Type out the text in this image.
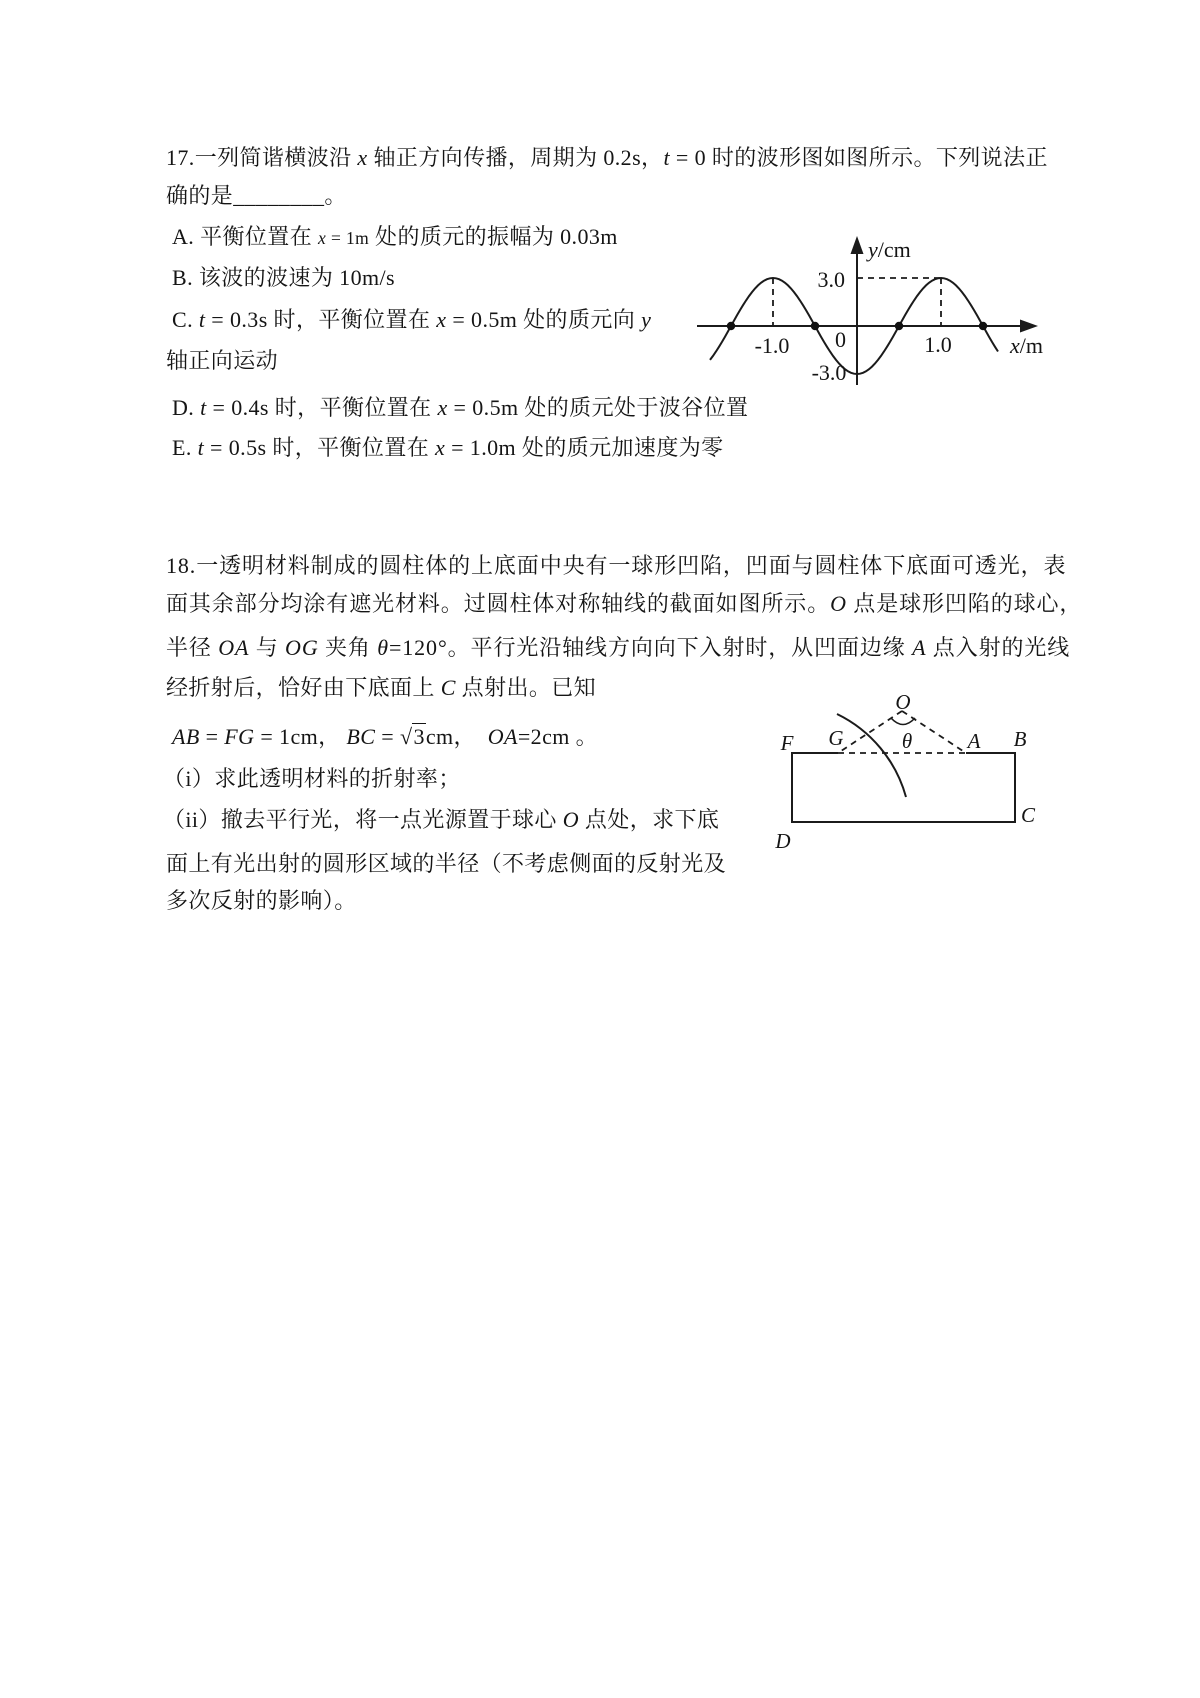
17.一列简谐横波沿 x 轴正方向传播，周期为 0.2s，t = 0 时的波形图如图所示。下列说法正
确的是________。
A. 平衡位置在 x = 1m 处的质元的振幅为 0.03m
B. 该波的波速为 10m/s
C. t = 0.3s 时，平衡位置在 x = 0.5m 处的质元向 y
轴正向运动
D. t = 0.4s 时，平衡位置在 x = 0.5m 处的质元处于波谷位置
E. t = 0.5s 时，平衡位置在 x = 1.0m 处的质元加速度为零
18.一透明材料制成的圆柱体的上底面中央有一球形凹陷，凹面与圆柱体下底面可透光，表
面其余部分均涂有遮光材料。过圆柱体对称轴线的截面如图所示。O 点是球形凹陷的球心，
半径 OA 与 OG 夹角 θ=120°。平行光沿轴线方向向下入射时，从凹面边缘 A 点入射的光线
经折射后，恰好由下底面上 C 点射出。已知
AB = FG = 1cm， BC = √3cm，  OA=2cm 。
（i）求此透明材料的折射率；
（ii）撤去平行光，将一点光源置于球心 O 点处，求下底
面上有光出射的圆形区域的半径（不考虑侧面的反射光及
多次反射的影响）。
y/cm
x/m
3.0
-3.0
0
-1.0	1.0
O
θ
F G	A B
C
D
